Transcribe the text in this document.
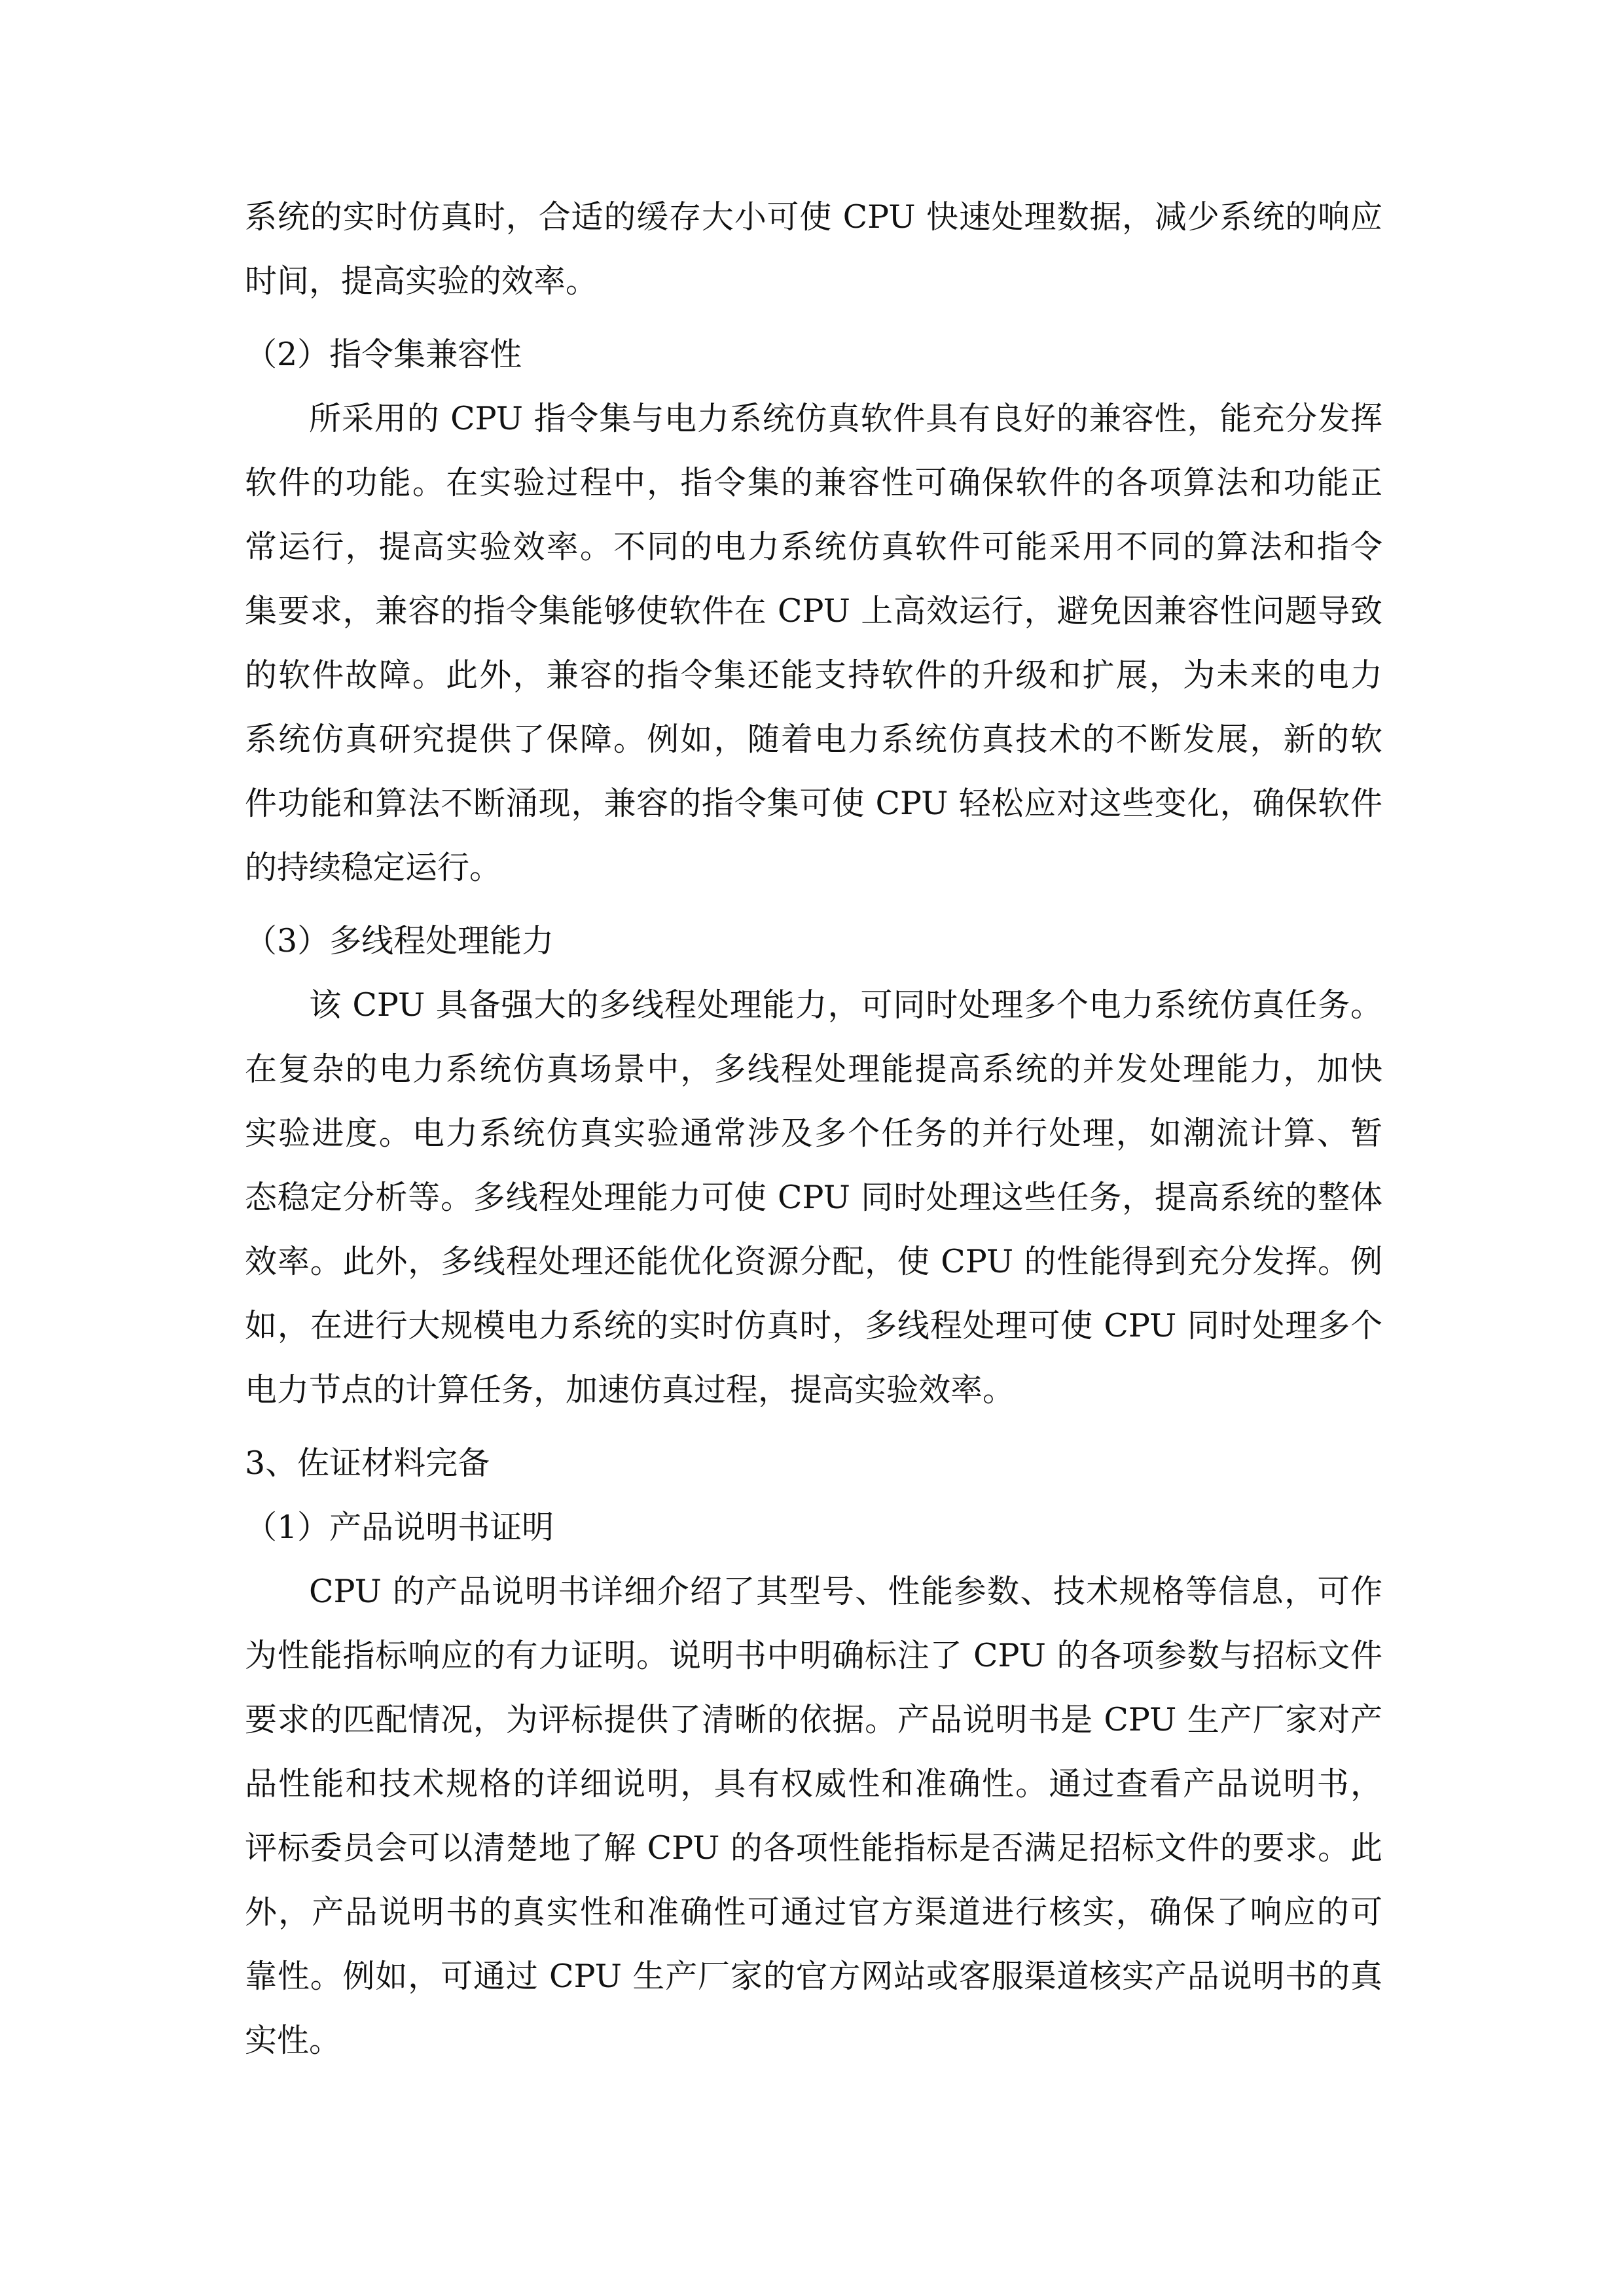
系统的实时仿真时，合适的缓存大小可使 CPU 快速处理数据，减少系统的响应
时间，提高实验的效率。
（2）指令集兼容性
所采用的 CPU 指令集与电力系统仿真软件具有良好的兼容性，能充分发挥
软件的功能。在实验过程中，指令集的兼容性可确保软件的各项算法和功能正
常运行，提高实验效率。不同的电力系统仿真软件可能采用不同的算法和指令
集要求，兼容的指令集能够使软件在 CPU 上高效运行，避免因兼容性问题导致
的软件故障。此外，兼容的指令集还能支持软件的升级和扩展，为未来的电力
系统仿真研究提供了保障。例如，随着电力系统仿真技术的不断发展，新的软
件功能和算法不断涌现，兼容的指令集可使 CPU 轻松应对这些变化，确保软件
的持续稳定运行。
（3）多线程处理能力
该 CPU 具备强大的多线程处理能力，可同时处理多个电力系统仿真任务。
在复杂的电力系统仿真场景中，多线程处理能提高系统的并发处理能力，加快
实验进度。电力系统仿真实验通常涉及多个任务的并行处理，如潮流计算、暂
态稳定分析等。多线程处理能力可使 CPU 同时处理这些任务，提高系统的整体
效率。此外，多线程处理还能优化资源分配，使 CPU 的性能得到充分发挥。例
如，在进行大规模电力系统的实时仿真时，多线程处理可使 CPU 同时处理多个
电力节点的计算任务，加速仿真过程，提高实验效率。
3、佐证材料完备
（1）产品说明书证明
CPU 的产品说明书详细介绍了其型号、性能参数、技术规格等信息，可作
为性能指标响应的有力证明。说明书中明确标注了 CPU 的各项参数与招标文件
要求的匹配情况，为评标提供了清晰的依据。产品说明书是 CPU 生产厂家对产
品性能和技术规格的详细说明，具有权威性和准确性。通过查看产品说明书，
评标委员会可以清楚地了解 CPU 的各项性能指标是否满足招标文件的要求。此
外，产品说明书的真实性和准确性可通过官方渠道进行核实，确保了响应的可
靠性。例如，可通过 CPU 生产厂家的官方网站或客服渠道核实产品说明书的真
实性。
